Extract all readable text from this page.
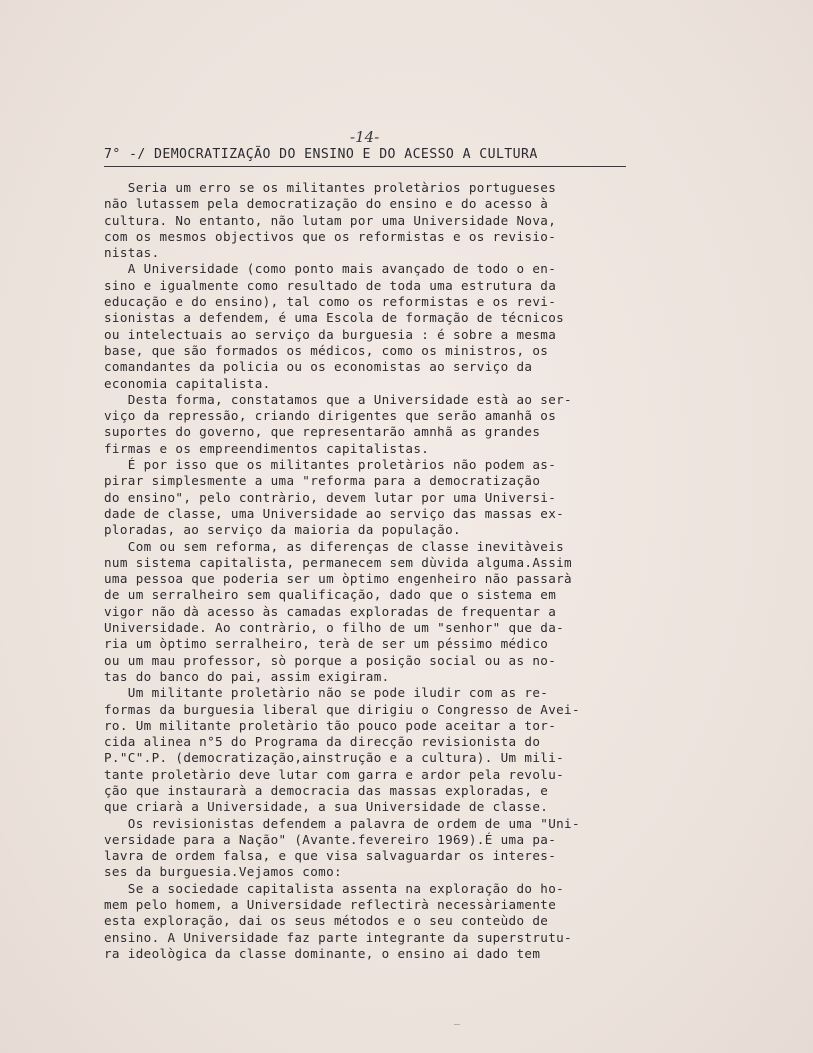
-14-
7° -/ DEMOCRATIZAÇÃO DO ENSINO E DO ACESSO A CULTURA
Seria um erro se os militantes proletàrios portugueses
não lutassem pela democratização do ensino e do acesso à
cultura. No entanto, não lutam por uma Universidade Nova,
com os mesmos objectivos que os reformistas e os revisio-
nistas.
A Universidade (como ponto mais avançado de todo o en-
sino e igualmente como resultado de toda uma estrutura da
educação e do ensino), tal como os reformistas e os revi-
sionistas a defendem, é uma Escola de formação de técnicos
ou intelectuais ao serviço da burguesia : é sobre a mesma
base, que são formados os médicos, como os ministros, os
comandantes da policia ou os economistas ao serviço da
economia capitalista.
Desta forma, constatamos que a Universidade està ao ser-
viço da repressão, criando dirigentes que serão amanhã os
suportes do governo, que representarão amnhã as grandes
firmas e os empreendimentos capitalistas.
É por isso que os militantes proletàrios não podem as-
pirar simplesmente a uma "reforma para a democratização
do ensino", pelo contràrio, devem lutar por uma Universi-
dade de classe, uma Universidade ao serviço das massas ex-
ploradas, ao serviço da maioria da população.
Com ou sem reforma, as diferenças de classe inevitàveis
num sistema capitalista, permanecem sem dùvida alguma.Assim
uma pessoa que poderia ser um òptimo engenheiro não passarà
de um serralheiro sem qualificação, dado que o sistema em
vigor não dà acesso às camadas exploradas de frequentar a
Universidade. Ao contràrio, o filho de um "senhor" que da-
ria um òptimo serralheiro, terà de ser um péssimo médico
ou um mau professor, sò porque a posição social ou as no-
tas do banco do pai, assim exigiram.
Um militante proletàrio não se pode iludir com as re-
formas da burguesia liberal que dirigiu o Congresso de Avei-
ro. Um militante proletàrio tão pouco pode aceitar a tor-
cida alinea n°5 do Programa da direcção revisionista do
P."C".P. (democratização,ainstrução e a cultura). Um mili-
tante proletàrio deve lutar com garra e ardor pela revolu-
ção que instaurarà a democracia das massas exploradas, e
que criarà a Universidade, a sua Universidade de classe.
Os revisionistas defendem a palavra de ordem de uma "Uni-
versidade para a Nação" (Avante.fevereiro 1969).É uma pa-
lavra de ordem falsa, e que visa salvaguardar os interes-
ses da burguesia.Vejamos como:
Se a sociedade capitalista assenta na exploração do ho-
mem pelo homem, a Universidade reflectirà necessàriamente
esta exploração, dai os seus métodos e o seu conteùdo de
ensino. A Universidade faz parte integrante da superstrutu-
ra ideològica da classe dominante, o ensino ai dado tem
